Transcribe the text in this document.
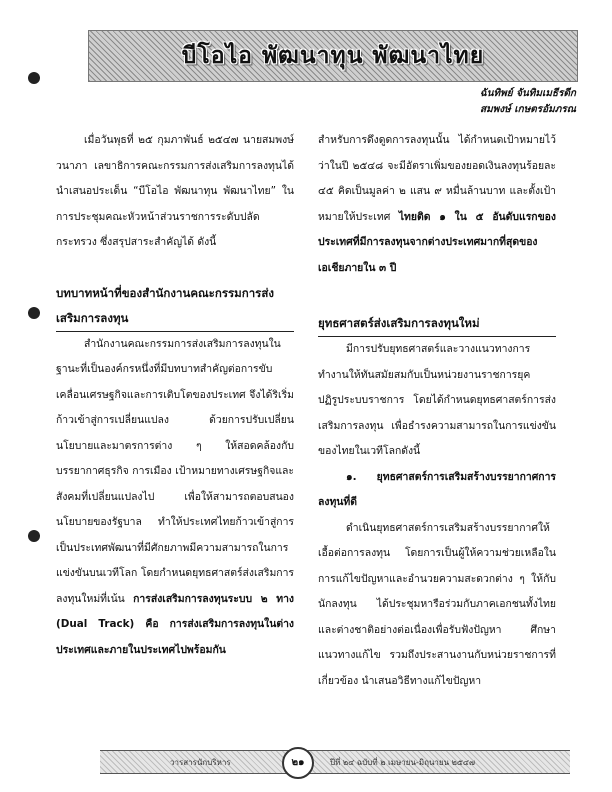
บีโอไอ พัฒนาทุน พัฒนาไทย
ฉันทิพย์ จันทิมเมธีรดีก
สมพงษ์ เกษตรอัมภรณ

เมื่อวันพุธที่ ๒๕ กุมภาพันธ์ ๒๕๔๗ นายสมพงษ์ วนาภา เลขาธิการคณะกรรมการส่งเสริมการลงทุนได้นำเสนอประเด็น “บีโอไอ พัฒนาทุน พัฒนาไทย” ในการประชุมคณะหัวหน้าส่วนราชการระดับปลัดกระทรวง ซึ่งสรุปสาระสำคัญได้ ดังนี้

บทบาทหน้าที่ของสำนักงานคณะกรรมการส่งเสริมการลงทุน

สำนักงานคณะกรรมการส่งเสริมการลงทุนในฐานะที่เป็นองค์กรหนึ่งที่มีบทบาทสำคัญต่อการขับเคลื่อนเศรษฐกิจและการเติบโตของประเทศ จึงได้ริเริ่มก้าวเข้าสู่การเปลี่ยนแปลง ด้วยการปรับเปลี่ยนนโยบายและมาตรการต่าง ๆ ให้สอดคล้องกับบรรยากาศธุรกิจ การเมือง เป้าหมายทางเศรษฐกิจและสังคมที่เปลี่ยนแปลงไป เพื่อให้สามารถตอบสนองนโยบายของรัฐบาล ทำให้ประเทศไทยก้าวเข้าสู่การเป็นประเทศพัฒนาที่มีศักยภาพมีความสามารถในการแข่งขันบนเวทีโลก โดยกำหนดยุทธศาสตร์ส่งเสริมการลงทุนใหม่ที่เน้น การส่งเสริมการลงทุนระบบ ๒ ทาง (Dual Track) คือ การส่งเสริมการลงทุนในต่างประเทศและภายในประเทศไปพร้อมกัน

สำหรับการดึงดูดการลงทุนนั้น ได้กำหนดเป้าหมายไว้ว่าในปี ๒๕๔๘ จะมีอัตราเพิ่มของยอดเงินลงทุนร้อยละ ๔๕ คิดเป็นมูลค่า ๒ แสน ๙ หมื่นล้านบาท และตั้งเป้าหมายให้ประเทศ ไทยติด ๑ ใน ๕ อันดับแรกของประเทศที่มีการลงทุนจากต่างประเทศมากที่สุดของเอเชียภายใน ๓ ปี

ยุทธศาสตร์ส่งเสริมการลงทุนใหม่

มีการปรับยุทธศาสตร์และวางแนวทางการทำงานให้ทันสมัยสมกับเป็นหน่วยงานราชการยุคปฏิรูประบบราชการ โดยได้กำหนดยุทธศาสตร์การส่งเสริมการลงทุน เพื่อธำรงความสามารถในการแข่งขันของไทยในเวทีโลกดังนี้

๑. ยุทธศาสตร์การเสริมสร้างบรรยากาศการลงทุนที่ดี

ดำเนินยุทธศาสตร์การเสริมสร้างบรรยากาศให้เอื้อต่อการลงทุน โดยการเป็นผู้ให้ความช่วยเหลือในการแก้ไขปัญหาและอำนวยความสะดวกต่าง ๆ ให้กับนักลงทุน ได้ประชุมหารือร่วมกับภาคเอกชนทั้งไทย และต่างชาติอย่างต่อเนื่องเพื่อรับฟังปัญหา ศึกษาแนวทางแก้ไข รวมถึงประสานงานกับหน่วยราชการที่เกี่ยวข้อง นำเสนอวิธีทางแก้ไขปัญหา

วารสารนักบริหาร	ปีที่ ๒๔ ฉบับที่ ๒ เมษายน-มิถุนายน ๒๕๔๗
๒๑
